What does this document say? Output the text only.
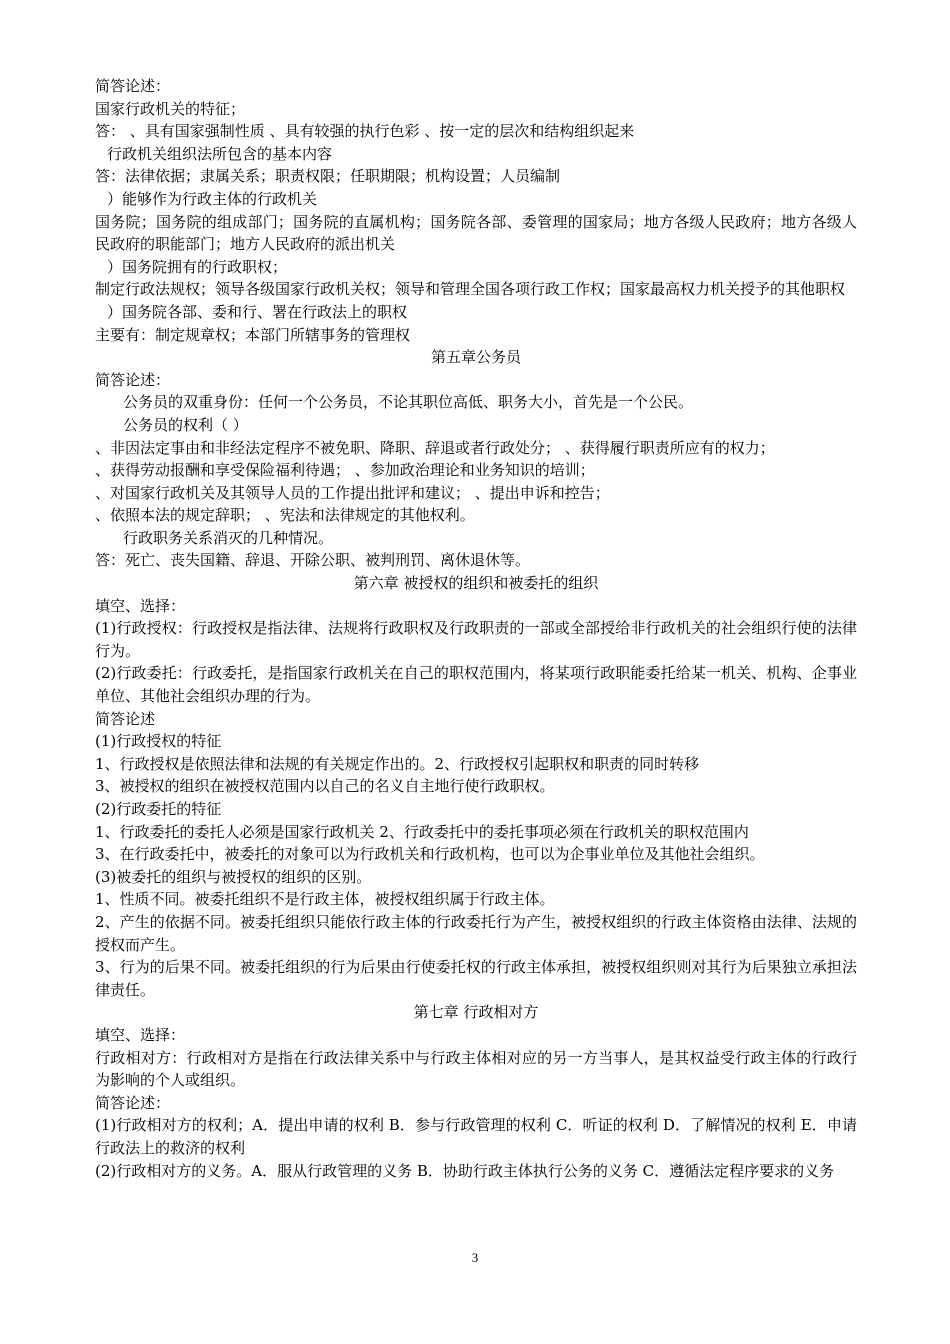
简答论述：
国家行政机关的特征；
答： 、具有国家强制性质 、具有较强的执行色彩 、按一定的层次和结构组织起来
行政机关组织法所包含的基本内容
答：法律依据；隶属关系；职责权限；任职期限；机构设置；人员编制
）能够作为行政主体的行政机关
国务院；国务院的组成部门；国务院的直属机构；国务院各部、委管理的国家局；地方各级人民政府；地方各级人民政府的职能部门；地方人民政府的派出机关
）国务院拥有的行政职权；
制定行政法规权；领导各级国家行政机关权；领导和管理全国各项行政工作权；国家最高权力机关授予的其他职权
）国务院各部、委和行、署在行政法上的职权
主要有：制定规章权；本部门所辖事务的管理权
第五章公务员
简答论述：
公务员的双重身份：任何一个公务员，不论其职位高低、职务大小，首先是一个公民。
公务员的权利（ ）
、非因法定事由和非经法定程序不被免职、降职、辞退或者行政处分； 、获得履行职责所应有的权力；
、获得劳动报酬和享受保险福利待遇； 、参加政治理论和业务知识的培训；
、对国家行政机关及其领导人员的工作提出批评和建议； 、提出申诉和控告；
、依照本法的规定辞职； 、宪法和法律规定的其他权利。
行政职务关系消灭的几种情况。
答：死亡、丧失国籍、辞退、开除公职、被判刑罚、离休退休等。
第六章 被授权的组织和被委托的组织
填空、选择：
(1)行政授权：行政授权是指法律、法规将行政职权及行政职责的一部或全部授给非行政机关的社会组织行使的法律行为。
(2)行政委托：行政委托，是指国家行政机关在自己的职权范围内，将某项行政职能委托给某一机关、机构、企事业单位、其他社会组织办理的行为。
简答论述
(1)行政授权的特征
1、行政授权是依照法律和法规的有关规定作出的。2、行政授权引起职权和职责的同时转移
3、被授权的组织在被授权范围内以自己的名义自主地行使行政职权。
(2)行政委托的特征
1、行政委托的委托人必须是国家行政机关 2、行政委托中的委托事项必须在行政机关的职权范围内
3、在行政委托中，被委托的对象可以为行政机关和行政机构，也可以为企事业单位及其他社会组织。
(3)被委托的组织与被授权的组织的区别。
1、性质不同。被委托组织不是行政主体，被授权组织属于行政主体。
2、产生的依据不同。被委托组织只能依行政主体的行政委托行为产生，被授权组织的行政主体资格由法律、法规的授权而产生。
3、行为的后果不同。被委托组织的行为后果由行使委托权的行政主体承担，被授权组织则对其行为后果独立承担法律责任。
第七章 行政相对方
填空、选择：
行政相对方：行政相对方是指在行政法律关系中与行政主体相对应的另一方当事人，是其权益受行政主体的行政行为影响的个人或组织。
简答论述：
(1)行政相对方的权利；A．提出申请的权利 B．参与行政管理的权利 C．听证的权利 D．了解情况的权利 E．申请行政法上的救济的权利
(2)行政相对方的义务。A．服从行政管理的义务 B．协助行政主体执行公务的义务 C．遵循法定程序要求的义务
3
